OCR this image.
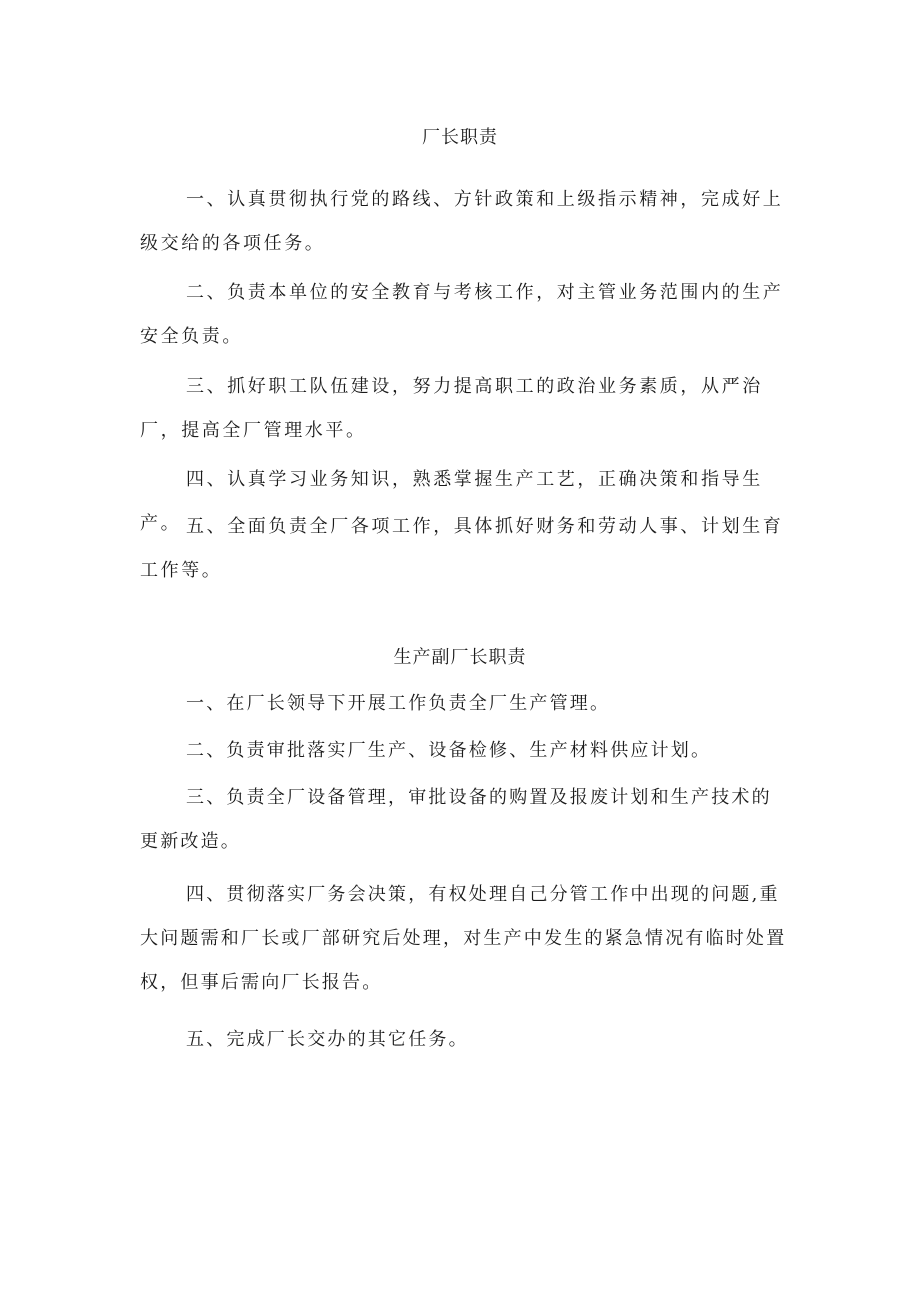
厂长职责

一、认真贯彻执行党的路线、方针政策和上级指示精神，完成好上级交给的各项任务。

二、负责本单位的安全教育与考核工作，对主管业务范围内的生产安全负责。

三、抓好职工队伍建设，努力提高职工的政治业务素质，从严治厂，提高全厂管理水平。

四、认真学习业务知识，熟悉掌握生产工艺，正确决策和指导生产。 五、全面负责全厂各项工作，具体抓好财务和劳动人事、计划生育工作等。

生产副厂长职责

一、在厂长领导下开展工作负责全厂生产管理。

二、负责审批落实厂生产、设备检修、生产材料供应计划。

三、负责全厂设备管理，审批设备的购置及报废计划和生产技术的更新改造。

四、贯彻落实厂务会决策，有权处理自己分管工作中出现的问题,重大问题需和厂长或厂部研究后处理，对生产中发生的紧急情况有临时处置权，但事后需向厂长报告。

五、完成厂长交办的其它任务。
